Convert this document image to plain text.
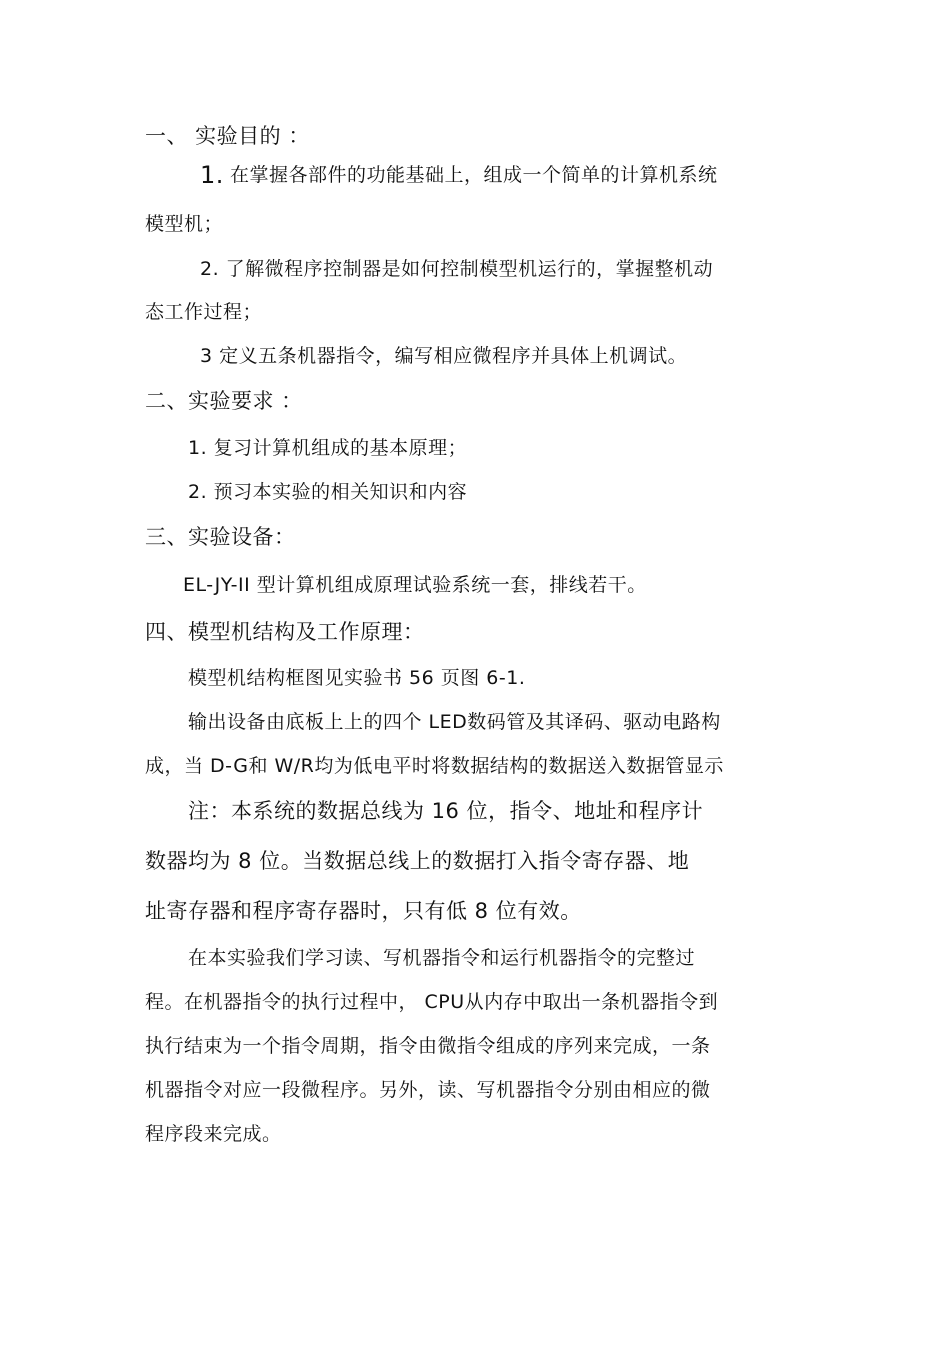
一、 实验目的 ：
1. 在掌握各部件的功能基础上，组成一个简单的计算机系统
模型机；
2. 了解微程序控制器是如何控制模型机运行的，掌握整机动
态工作过程；
3 定义五条机器指令，编写相应微程序并具体上机调试。
二、实验要求 ：
1. 复习计算机组成的基本原理；
2. 预习本实验的相关知识和内容
三、实验设备：
EL-JY-II 型计算机组成原理试验系统一套，排线若干。
四、模型机结构及工作原理：
模型机结构框图见实验书 56 页图 6-1.
输出设备由底板上上的四个 LED数码管及其译码、驱动电路构
成，当 D-G和 W/R均为低电平时将数据结构的数据送入数据管显示
注：本系统的数据总线为 16 位，指令、地址和程序计
数器均为 8 位。当数据总线上的数据打入指令寄存器、地
址寄存器和程序寄存器时，只有低 8 位有效。
在本实验我们学习读、写机器指令和运行机器指令的完整过
程。在机器指令的执行过程中， CPU从内存中取出一条机器指令到
执行结束为一个指令周期，指令由微指令组成的序列来完成，一条
机器指令对应一段微程序。另外，读、写机器指令分别由相应的微
程序段来完成。
